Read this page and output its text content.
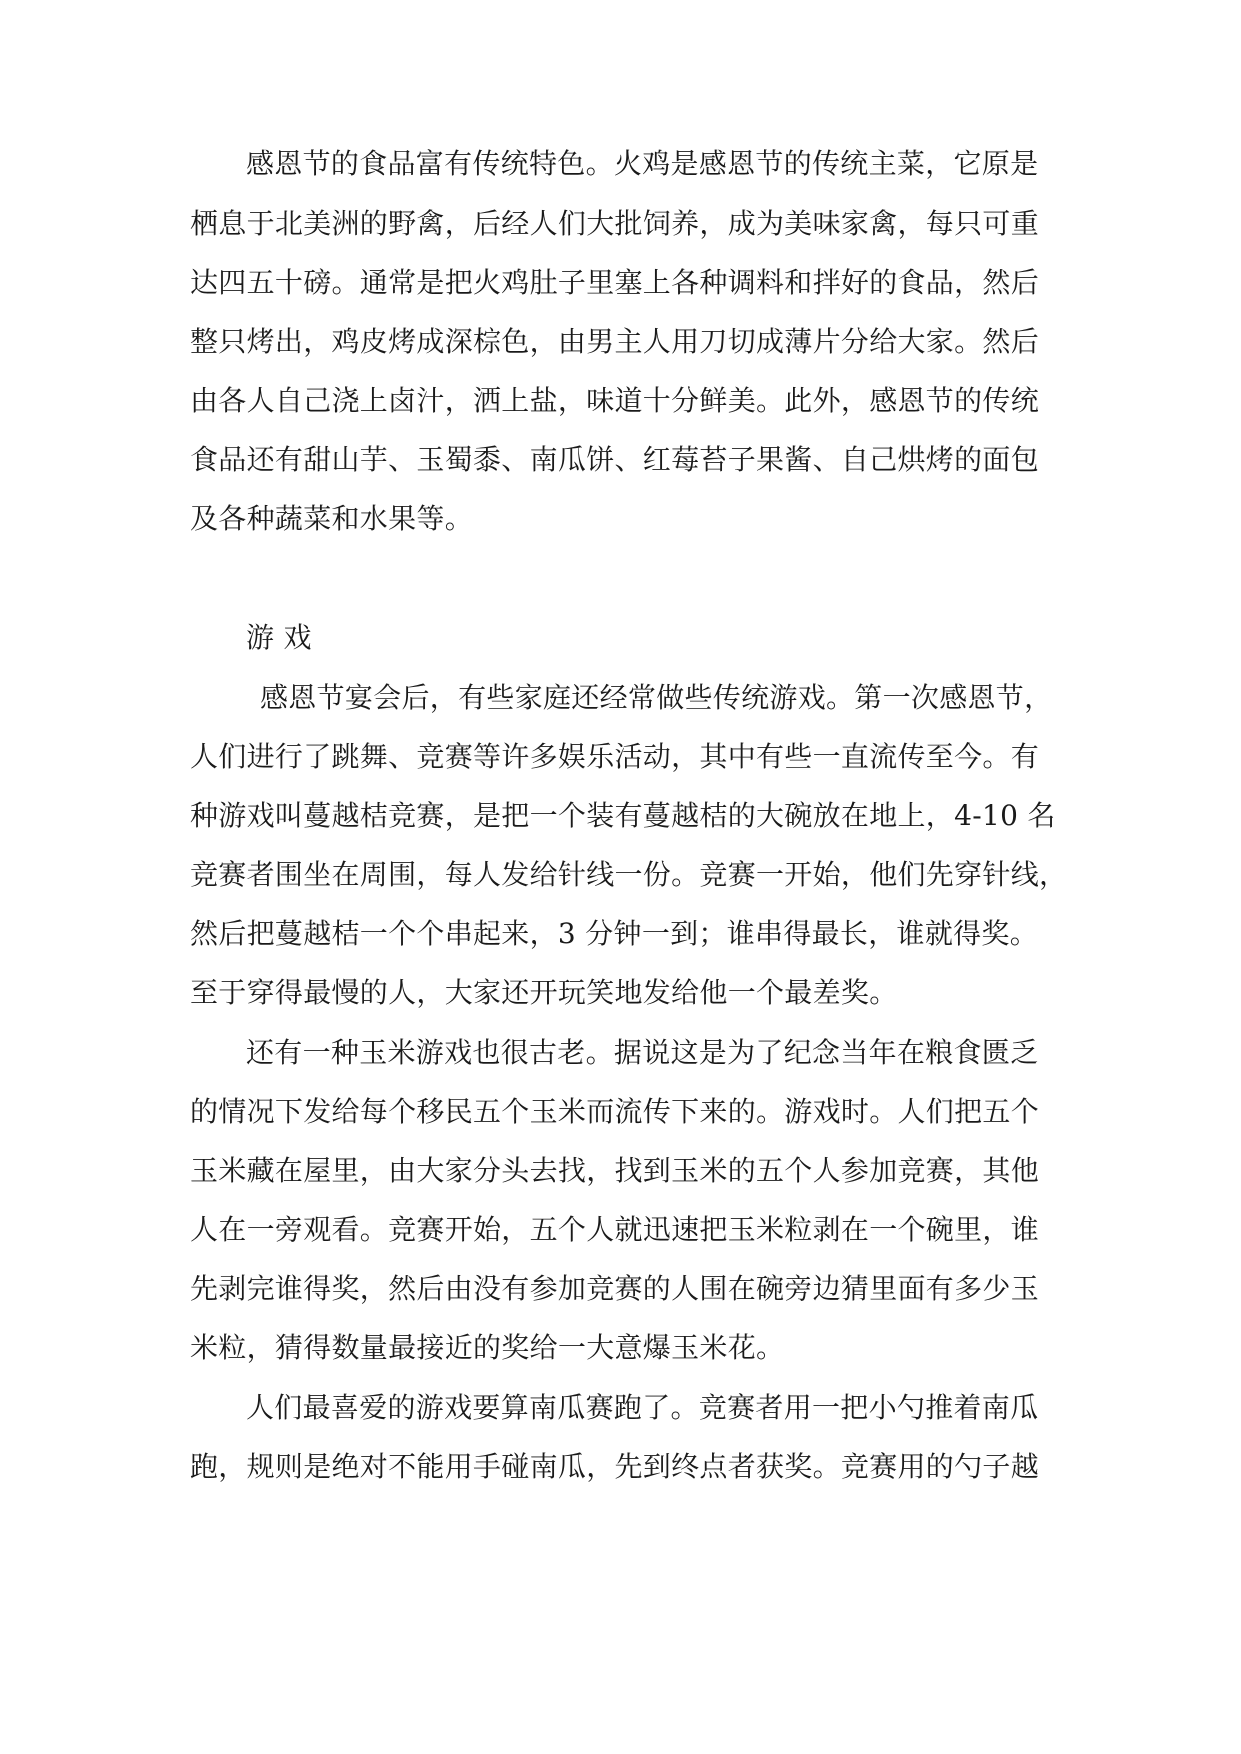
感恩节的食品富有传统特色。火鸡是感恩节的传统主菜，它原是

栖息于北美洲的野禽，后经人们大批饲养，成为美味家禽，每只可重

达四五十磅。通常是把火鸡肚子里塞上各种调料和拌好的食品，然后

整只烤出，鸡皮烤成深棕色，由男主人用刀切成薄片分给大家。然后

由各人自己浇上卤汁，洒上盐，味道十分鲜美。此外，感恩节的传统

食品还有甜山芋、玉蜀黍、南瓜饼、红莓苔子果酱、自己烘烤的面包

及各种蔬菜和水果等。

游 戏

感恩节宴会后，有些家庭还经常做些传统游戏。第一次感恩节，

人们进行了跳舞、竞赛等许多娱乐活动，其中有些一直流传至今。有

种游戏叫蔓越桔竞赛，是把一个装有蔓越桔的大碗放在地上，4-10 名

竞赛者围坐在周围，每人发给针线一份。竞赛一开始，他们先穿针线，

然后把蔓越桔一个个串起来，3 分钟一到；谁串得最长，谁就得奖。

至于穿得最慢的人，大家还开玩笑地发给他一个最差奖。

还有一种玉米游戏也很古老。据说这是为了纪念当年在粮食匮乏

的情况下发给每个移民五个玉米而流传下来的。游戏时。人们把五个

玉米藏在屋里，由大家分头去找，找到玉米的五个人参加竞赛，其他

人在一旁观看。竞赛开始，五个人就迅速把玉米粒剥在一个碗里，谁

先剥完谁得奖，然后由没有参加竞赛的人围在碗旁边猜里面有多少玉

米粒，猜得数量最接近的奖给一大意爆玉米花。

人们最喜爱的游戏要算南瓜赛跑了。竞赛者用一把小勺推着南瓜

跑，规则是绝对不能用手碰南瓜，先到终点者获奖。竞赛用的勺子越
